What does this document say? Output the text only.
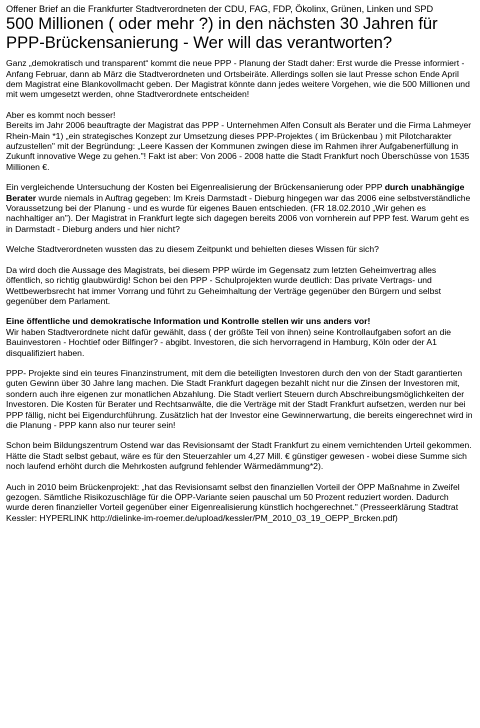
Offener Brief an die Frankfurter Stadtverordneten der CDU, FAG, FDP, Ökolinx, Grünen, Linken und SPD

500 Millionen ( oder mehr ?) in den nächsten 30 Jahren für PPP-Brückensanierung - Wer will das verantworten?

Ganz „demokratisch und transparent“ kommt die neue PPP - Planung der Stadt daher: Erst wurde die Presse informiert - Anfang Februar, dann ab März die Stadtverordneten und Ortsbeiräte. Allerdings sollen sie laut Presse schon Ende April dem Magistrat eine Blankovollmacht geben. Der Magistrat könnte dann jedes weitere Vorgehen, wie die 500 Millionen und mit wem umgesetzt werden, ohne Stadtverordnete entscheiden!

Aber es kommt noch besser!

Bereits im Jahr 2006 beauftragte der Magistrat das PPP - Unternehmen Alfen Consult als Berater und die Firma Lahmeyer Rhein-Main *1) „ein strategisches Konzept zur Umsetzung dieses PPP-Projektes ( im Brückenbau ) mit Pilotcharakter aufzustellen" mit der Begründung: „Leere Kassen der Kommunen zwingen diese im Rahmen ihrer Aufgabenerfüllung in Zukunft innovative Wege zu gehen."! Fakt ist aber: Von 2006 - 2008 hatte die Stadt Frankfurt noch Überschüsse von 1535 Millionen €.

Ein vergleichende Untersuchung der Kosten bei Eigenrealisierung der Brückensanierung oder PPP durch unabhängige Berater wurde niemals in Auftrag gegeben: Im Kreis Darmstadt - Dieburg hingegen war das 2006 eine selbstverständliche Voraussetzung bei der Planung - und es wurde für eigenes Bauen entschieden. (FR 18.02.2010 „Wir gehen es nachhaltiger an"). Der Magistrat in Frankfurt legte sich dagegen bereits 2006 von vornherein auf PPP fest. Warum geht es in Darmstadt - Dieburg anders und hier nicht?

Welche Stadtverordneten wussten das zu diesem Zeitpunkt und behielten dieses Wissen für sich?

Da wird doch die Aussage des Magistrats, bei diesem PPP würde im Gegensatz zum letzten Geheimvertrag alles öffentlich, so richtig glaubwürdig! Schon bei den PPP - Schulprojekten wurde deutlich: Das private Vertrags- und Wettbewerbsrecht hat immer Vorrang und führt zu Geheimhaltung der Verträge gegenüber den Bürgern und selbst gegenüber dem Parlament.

Eine öffentliche und demokratische Information und Kontrolle stellen wir uns anders vor!
Wir haben Stadtverordnete nicht dafür gewählt, dass ( der größte Teil von ihnen) seine Kontrollaufgaben sofort an die Bauinvestoren - Hochtief oder Bilfinger? - abgibt. Investoren, die sich hervorragend in Hamburg, Köln oder der A1 disqualifiziert haben.

PPP- Projekte sind ein teures Finanzinstrument, mit dem die beteiligten Investoren durch den von der Stadt garantierten guten Gewinn über 30 Jahre lang machen. Die Stadt Frankfurt dagegen bezahlt nicht nur die Zinsen der Investoren mit, sondern auch ihre eigenen zur monatlichen Abzahlung. Die Stadt verliert Steuern durch Abschreibungsmöglichkeiten der Investoren. Die Kosten für Berater und Rechtsanwälte, die die Verträge mit der Stadt Frankfurt aufsetzen, werden nur bei PPP fällig, nicht bei Eigendurchführung. Zusätzlich hat der Investor eine Gewinnerwartung, die bereits eingerechnet wird in die Planung - PPP kann also nur teurer sein!

Schon beim Bildungszentrum Ostend war das Revisionsamt der Stadt Frankfurt zu einem vernichtenden Urteil gekommen. Hätte die Stadt selbst gebaut, wäre es für den Steuerzahler um 4,27 Mill. € günstiger gewesen - wobei diese Summe sich noch laufend erhöht durch die Mehrkosten aufgrund fehlender Wärmedämmung*2).

Auch in 2010 beim Brückenprojekt: „hat das Revisionsamt selbst den finanziellen Vorteil der ÖPP Maßnahme in Zweifel gezogen. Sämtliche Risikozuschläge für die ÖPP-Variante seien pauschal um 50 Prozent reduziert worden. Dadurch wurde deren finanzieller Vorteil gegenüber einer Eigenrealisierung künstlich hochgerechnet." (Presseerklärung Stadtrat Kessler: HYPERLINK http://dielinke-im-roemer.de/upload/kessler/PM_2010_03_19_OEPP_Brcken.pdf)
